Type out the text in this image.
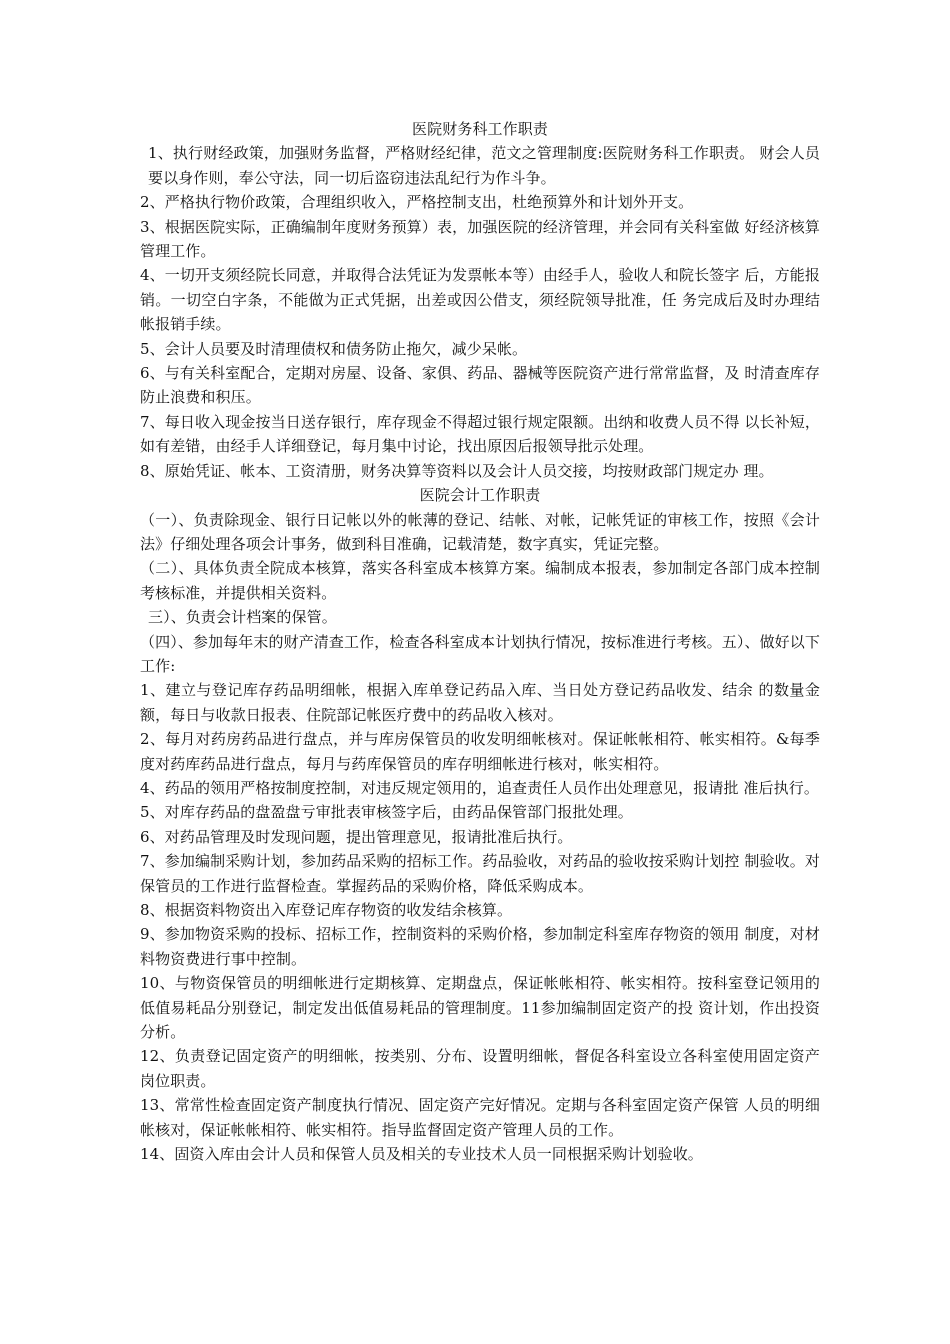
医院财务科工作职责

1、执行财经政策，加强财务监督，严格财经纪律，范文之管理制度:医院财务科工作职责。 财会人员要以身作则，奉公守法，同一切后盗窃违法乱纪行为作斗争。

2、严格执行物价政策，合理组织收入，严格控制支出，杜绝预算外和计划外开支。

3、根据医院实际，正确编制年度财务预算）表，加强医院的经济管理，并会同有关科室做 好经济核算管理工作。

4、一切开支须经院长同意，并取得合法凭证为发票帐本等）由经手人，验收人和院长签字 后，方能报销。一切空白字条，不能做为正式凭据，出差或因公借支，须经院领导批准，任 务完成后及时办理结帐报销手续。

5、会计人员要及时清理债权和债务防止拖欠，减少呆帐。

6、与有关科室配合，定期对房屋、设备、家俱、药品、器械等医院资产进行常常监督，及 时清查库存防止浪费和积压。

7、每日收入现金按当日送存银行，库存现金不得超过银行规定限额。出纳和收费人员不得 以长补短，如有差错，由经手人详细登记，每月集中讨论，找出原因后报领导批示处理。

8、原始凭证、帐本、工资清册，财务决算等资料以及会计人员交接，均按财政部门规定办 理。

医院会计工作职责

（一）、负责除现金、银行日记帐以外的帐薄的登记、结帐、对帐，记帐凭证的审核工作，按照《会计法》仔细处理各项会计事务，做到科目准确，记载清楚，数字真实，凭证完整。

（二）、具体负责全院成本核算，落实各科室成本核算方案。编制成本报表，参加制定各部门成本控制考核标准，并提供相关资料。

三）、负责会计档案的保管。

（四）、参加每年末的财产清查工作，检查各科室成本计划执行情况，按标准进行考核。五）、做好以下工作:

1、建立与登记库存药品明细帐，根据入库单登记药品入库、当日处方登记药品收发、结余 的数量金额，每日与收款日报表、住院部记帐医疗费中的药品收入核对。

2、每月对药房药品进行盘点，并与库房保管员的收发明细帐核对。保证帐帐相符、帐实相符。&每季度对药库药品进行盘点，每月与药库保管员的库存明细帐进行核对，帐实相符。

4、药品的领用严格按制度控制，对违反规定领用的，追查责任人员作出处理意见，报请批 准后执行。

5、对库存药品的盘盈盘亏审批表审核签字后，由药品保管部门报批处理。

6、对药品管理及时发现问题，提出管理意见，报请批准后执行。

7、参加编制采购计划，参加药品采购的招标工作。药品验收，对药品的验收按采购计划控 制验收。对保管员的工作进行监督检查。掌握药品的采购价格，降低采购成本。

8、根据资料物资出入库登记库存物资的收发结余核算。

9、参加物资采购的投标、招标工作，控制资料的采购价格，参加制定科室库存物资的领用 制度，对材料物资费进行事中控制。

10、与物资保管员的明细帐进行定期核算、定期盘点，保证帐帐相符、帐实相符。按科室登记领用的低值易耗品分别登记，制定发出低值易耗品的管理制度。11参加编制固定资产的投 资计划，作出投资分析。

12、负责登记固定资产的明细帐，按类别、分布、设置明细帐，督促各科室设立各科室使用固定资产岗位职责。

13、常常性检查固定资产制度执行情况、固定资产完好情况。定期与各科室固定资产保管 人员的明细帐核对，保证帐帐相符、帐实相符。指导监督固定资产管理人员的工作。

14、固资入库由会计人员和保管人员及相关的专业技术人员一同根据采购计划验收。
